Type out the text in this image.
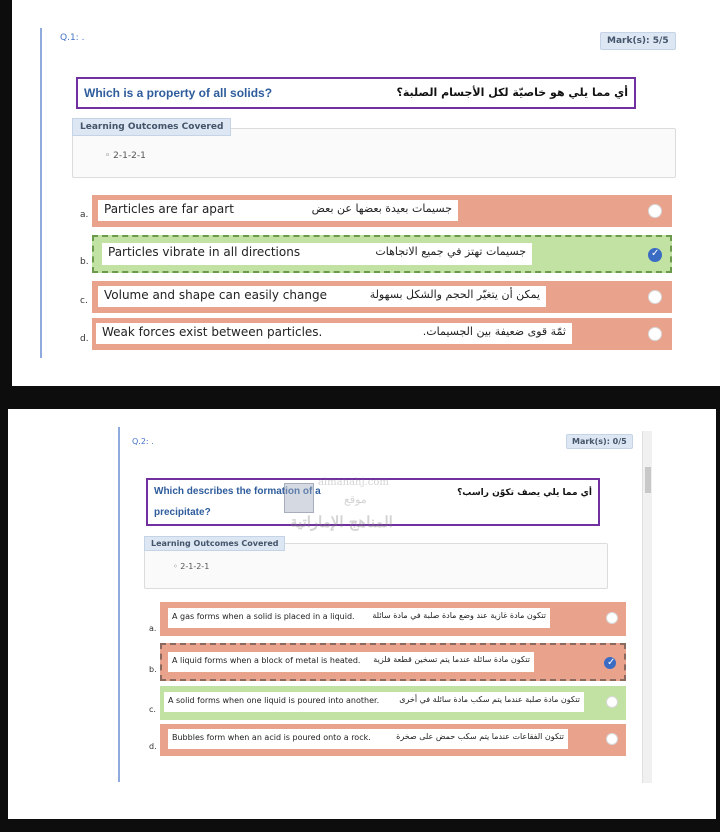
Q.1: .	Mark(s): 5/5
Which is a property of all solids?	أي مما يلي هو خاصيّة لكل الأجسام الصلبة؟
◦ 2-1-2-1
Learning Outcomes Covered
a.	Particles are far apart	جسيمات بعيدة بعضها عن بعض
b.
Particles vibrate in all directions	جسيمات تهتز في جميع الاتجاهات
✓
c.	Volume and shape can easily change	يمكن أن يتغيّر الحجم والشكل بسهولة
d.	Weak forces exist between particles.	ثمّة قوى ضعيفة بين الجسيمات.
Q.2: .	Mark(s): 0/5
Which describes the formation of a
precipitate?
أي مما يلي يصف تكوّن راسب؟
◦ 2-1-2-1
Learning Outcomes Covered
a.
A gas forms when a solid is placed in a liquid. تتكون مادة غازية عند وضع مادة صلبة في مادة سائلة
b.
A liquid forms when a block of metal is heated. تتكون مادة سائلة عندما يتم تسخين قطعة فلزية
✓
c.
A solid forms when one liquid is poured into another.	تتكون مادة صلبة عندما يتم سكب مادة سائلة في أخرى
d.
Bubbles form when an acid is poured onto a rock.	تتكون الفقاعات عندما يتم سكب حمض على صخرة
almanahj.com
موقع
المناهج الإماراتية
